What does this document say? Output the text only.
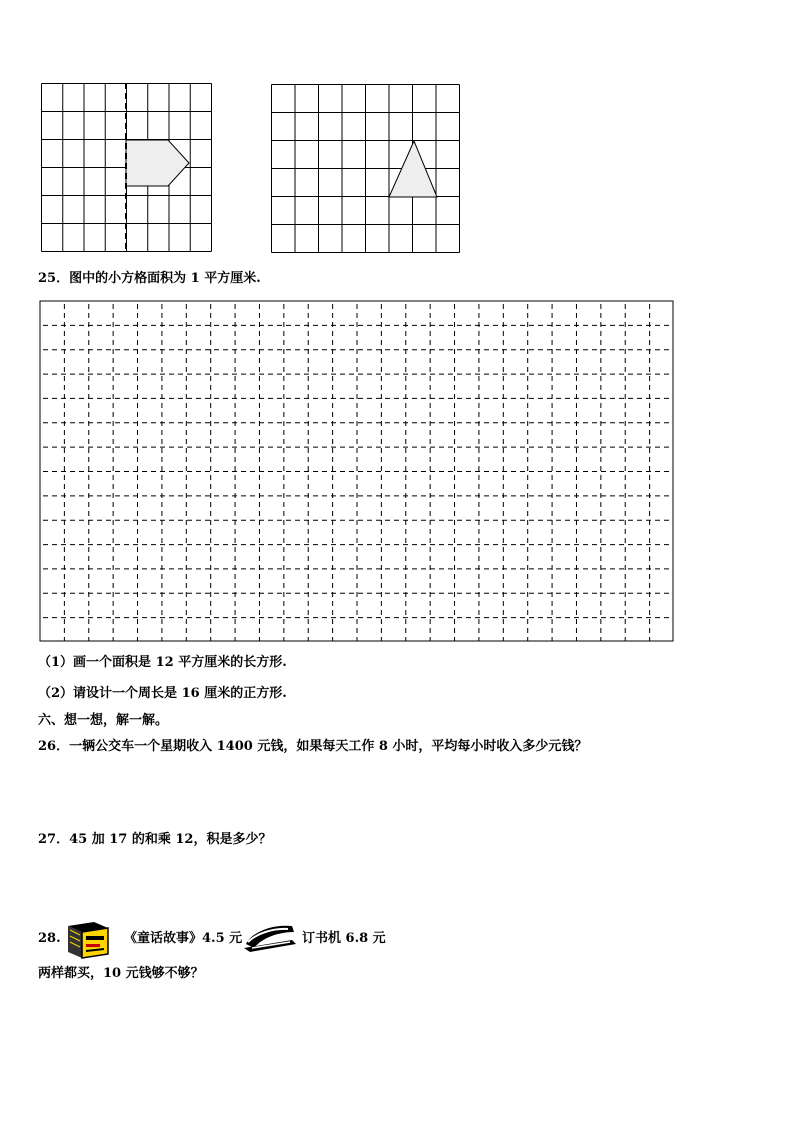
25．图中的小方格面积为 1 平方厘米.
（1）画一个面积是 12 平方厘米的长方形.
（2）请设计一个周长是 16 厘米的正方形.
六、想一想，解一解。
26．一辆公交车一个星期收入 1400 元钱，如果每天工作 8 小时，平均每小时收入多少元钱？
27．45 加 17 的和乘 12，积是多少？
28.	《童话故事》4.5 元	订书机 6.8 元
两样都买，10 元钱够不够？
